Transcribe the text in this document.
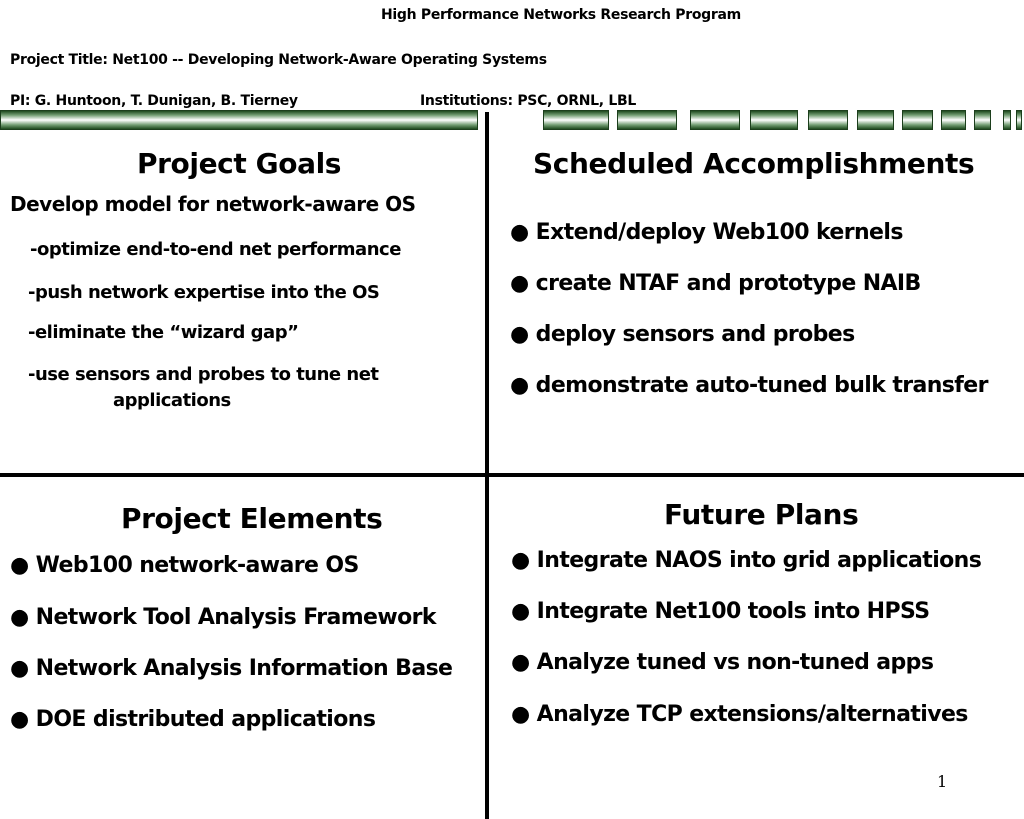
High Performance Networks Research Program
Project Title: Net100 -- Developing Network-Aware Operating Systems
PI: G. Huntoon, T. Dunigan, B. Tierney	Institutions: PSC, ORNL, LBL
Project Goals
Develop model for network-aware OS
-optimize end-to-end net performance
-push network expertise into the OS
-eliminate the “wizard gap”
-use sensors and probes to tune net
applications
Scheduled Accomplishments
● Extend/deploy Web100 kernels
● create NTAF and prototype NAIB
● deploy sensors and probes
● demonstrate auto-tuned bulk transfer
Project Elements
● Web100 network-aware OS
● Network Tool Analysis Framework
● Network Analysis Information Base
● DOE distributed applications
Future Plans
● Integrate NAOS into grid applications
● Integrate Net100 tools into HPSS
● Analyze tuned vs non-tuned apps
● Analyze TCP extensions/alternatives
1
